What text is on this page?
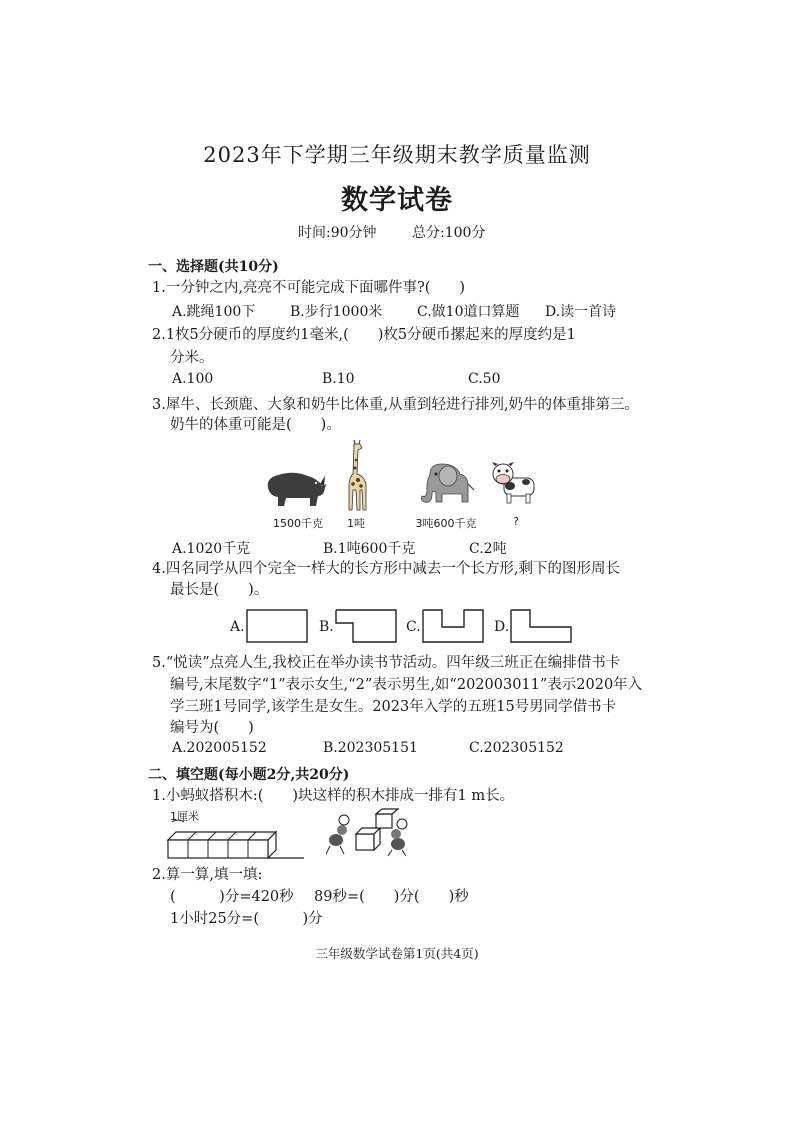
2023年下学期三年级期末教学质量监测
数学试卷
时间:90分钟	总分:100分
一、选择题(共10分)
1.一分钟之内,亮亮不可能完成下面哪件事?(　　)
A.跳绳100下 B.步行1000米 C.做10道口算题 D.读一首诗
2.1枚5分硬币的厚度约1毫米,(　　)枚5分硬币摞起来的厚度约是1
分米。
A.100	B.10	C.50
3.犀牛、长颈鹿、大象和奶牛比体重,从重到轻进行排列,奶牛的体重排第三。
奶牛的体重可能是(　　)。
1500千克	1吨	3吨600千克	?
A.1020千克	B.1吨600千克	C.2吨
4.四名同学从四个完全一样大的长方形中减去一个长方形,剩下的图形周长
最长是(　　)。
A.	B.	C.	D.
5.“悦读”点亮人生,我校正在举办读书节活动。四年级三班正在编排借书卡
编号,末尾数字“1”表示女生,“2”表示男生,如“202003011”表示2020年入
学三班1号同学,该学生是女生。2023年入学的五班15号男同学借书卡
编号为(　　)
A.202005152	B.202305151	C.202305152
二、填空题(每小题2分,共20分)
1.小蚂蚁搭积木:(　　)块这样的积木排成一排有1 m长。
1厘米
2.算一算,填一填:
(　　　)分=420秒 89秒=(　　)分(　　)秒
1小时25分=(　　　)分
三年级数学试卷第1页(共4页)
